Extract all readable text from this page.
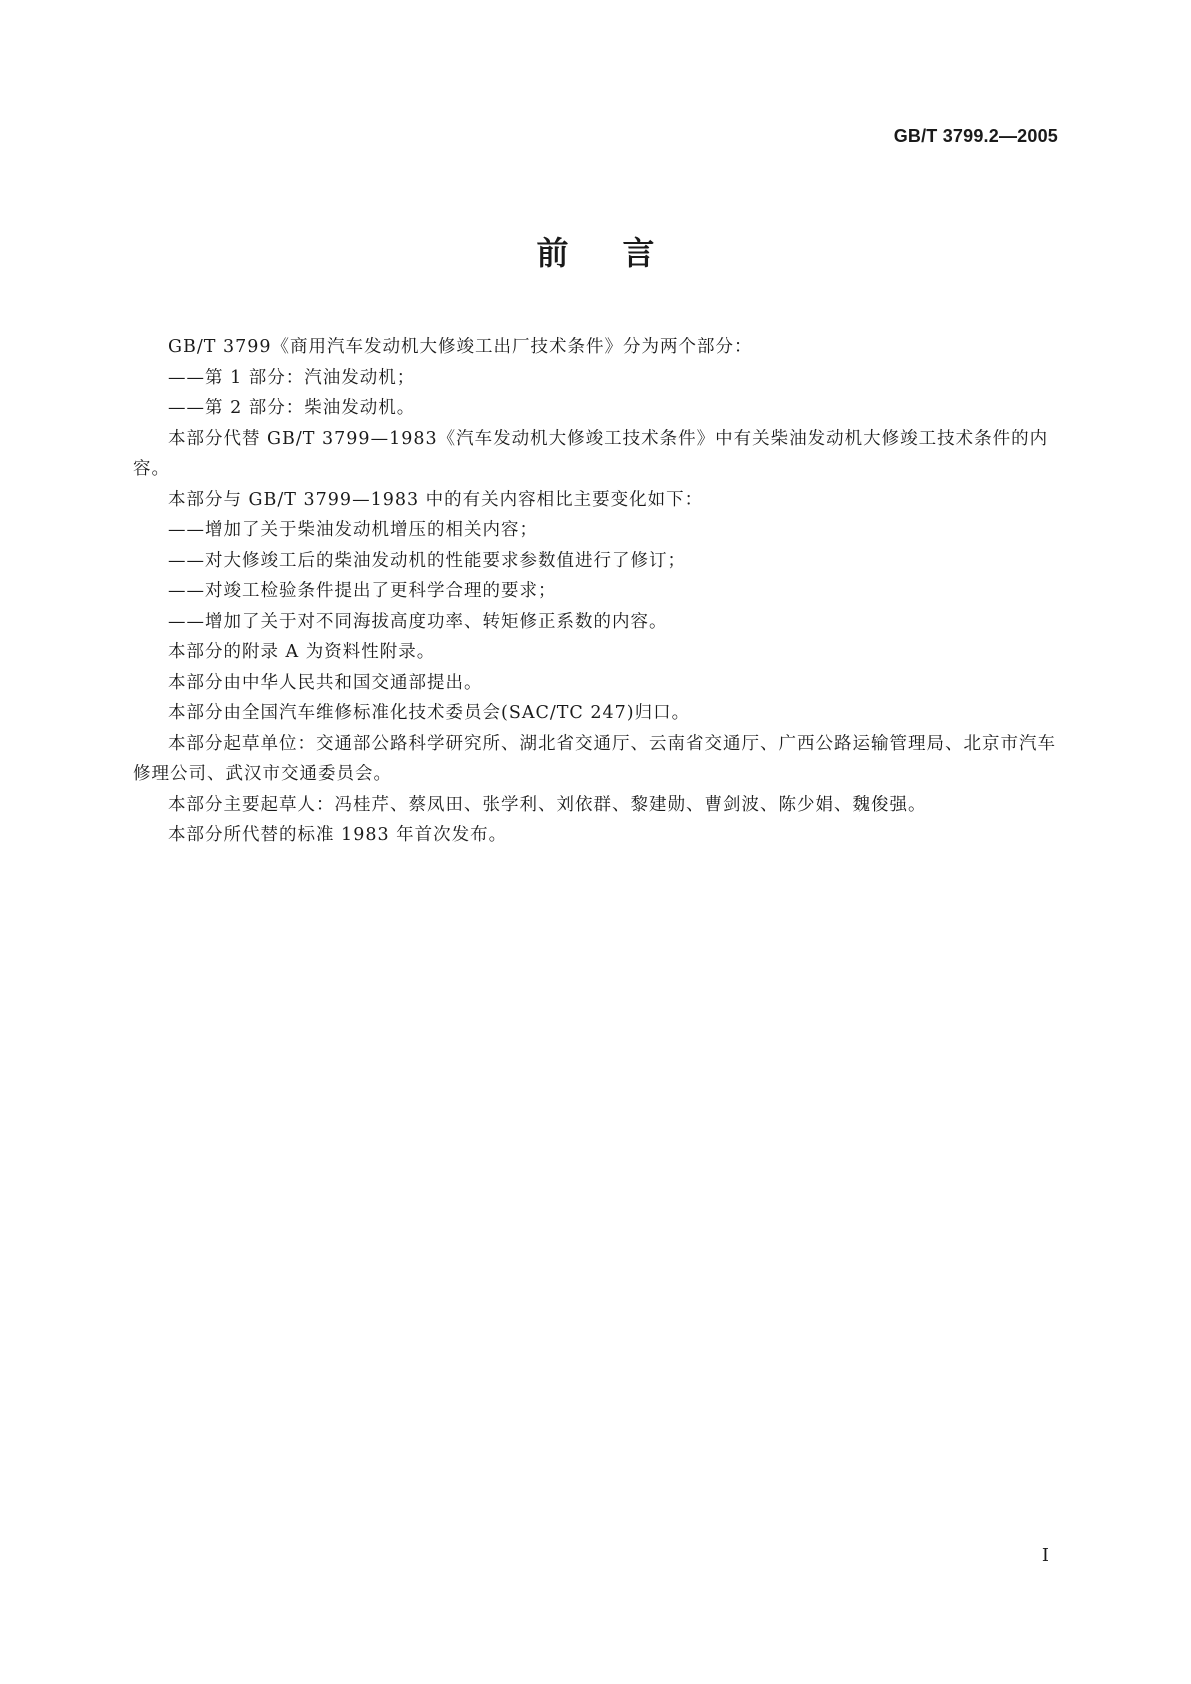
GB/T 3799.2—2005
前言

GB/T 3799《商用汽车发动机大修竣工出厂技术条件》分为两个部分：

——第 1 部分：汽油发动机；

——第 2 部分：柴油发动机。

本部分代替 GB/T 3799—1983《汽车发动机大修竣工技术条件》中有关柴油发动机大修竣工技术条件的内容。

本部分与 GB/T 3799—1983 中的有关内容相比主要变化如下：

——增加了关于柴油发动机增压的相关内容；

——对大修竣工后的柴油发动机的性能要求参数值进行了修订；

——对竣工检验条件提出了更科学合理的要求；

——增加了关于对不同海拔高度功率、转矩修正系数的内容。

本部分的附录 A 为资料性附录。

本部分由中华人民共和国交通部提出。

本部分由全国汽车维修标准化技术委员会(SAC/TC 247)归口。

本部分起草单位：交通部公路科学研究所、湖北省交通厅、云南省交通厅、广西公路运输管理局、北京市汽车修理公司、武汉市交通委员会。

本部分主要起草人：冯桂芹、蔡凤田、张学利、刘依群、黎建勋、曹剑波、陈少娟、魏俊强。

本部分所代替的标准 1983 年首次发布。

I
